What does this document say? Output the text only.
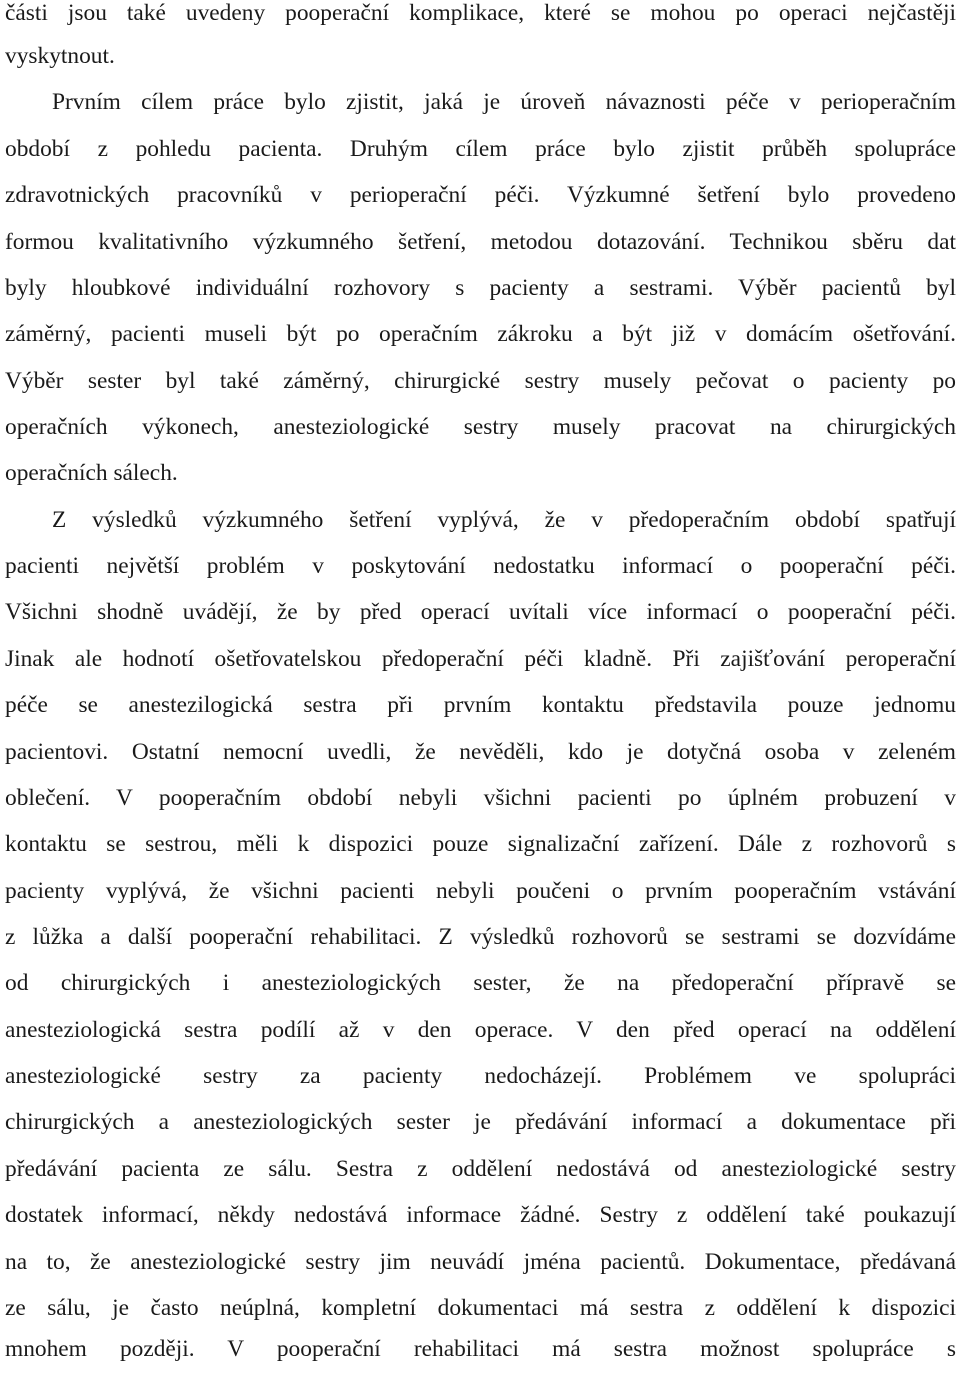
části jsou také uvedeny pooperační komplikace, které se mohou po operaci nejčastěji
vyskytnout.
Prvním cílem práce bylo zjistit, jaká je úroveň návaznosti péče v perioperačním
období z pohledu pacienta. Druhým cílem práce bylo zjistit průběh spolupráce
zdravotnických pracovníků v perioperační péči. Výzkumné šetření bylo provedeno
formou kvalitativního výzkumného šetření, metodou dotazování. Technikou sběru dat
byly hloubkové individuální rozhovory s pacienty a sestrami. Výběr pacientů byl
záměrný, pacienti museli být po operačním zákroku a být již v domácím ošetřování.
Výběr sester byl také záměrný, chirurgické sestry musely pečovat o pacienty po
operačních výkonech, anesteziologické sestry musely pracovat na chirurgických
operačních sálech.
Z výsledků výzkumného šetření vyplývá, že v předoperačním období spatřují
pacienti největší problém v poskytování nedostatku informací o pooperační péči.
Všichni shodně uvádějí, že by před operací uvítali více informací o pooperační péči.
Jinak ale hodnotí ošetřovatelskou předoperační péči kladně. Při zajišťování peroperační
péče se anestezilogická sestra při prvním kontaktu představila pouze jednomu
pacientovi. Ostatní nemocní uvedli, že nevěděli, kdo je dotyčná osoba v zeleném
oblečení. V pooperačním období nebyli všichni pacienti po úplném probuzení v
kontaktu se sestrou, měli k dispozici pouze signalizační zařízení. Dále z rozhovorů s
pacienty vyplývá, že všichni pacienti nebyli poučeni o prvním pooperačním vstávání
z lůžka a další pooperační rehabilitaci. Z výsledků rozhovorů se sestrami se dozvídáme
od chirurgických i anesteziologických sester, že na předoperační přípravě se
anesteziologická sestra podílí až v den operace. V den před operací na oddělení
anesteziologické sestry za pacienty nedocházejí. Problémem ve spolupráci
chirurgických a anesteziologických sester je předávání informací a dokumentace při
předávání pacienta ze sálu. Sestra z oddělení nedostává od anesteziologické sestry
dostatek informací, někdy nedostává informace žádné. Sestry z oddělení také poukazují
na to, že anesteziologické sestry jim neuvádí jména pacientů. Dokumentace, předávaná
ze sálu, je často neúplná, kompletní dokumentaci má sestra z oddělení k dispozici
mnohem později. V pooperační rehabilitaci má sestra možnost spolupráce s
